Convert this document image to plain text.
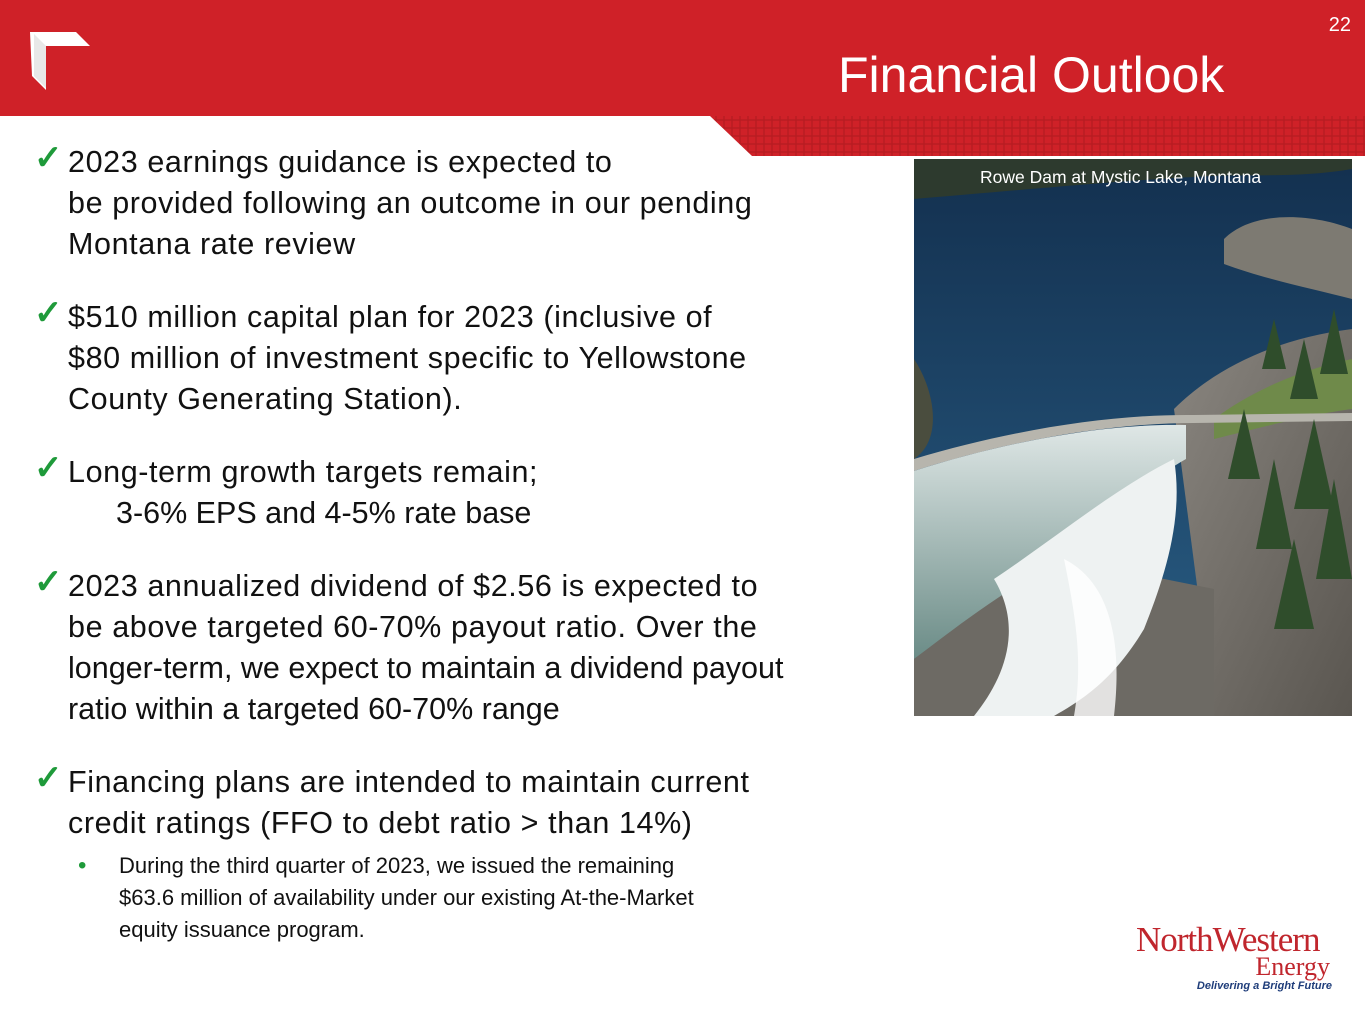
22
Financial Outlook
✓ 2023 earnings guidance is expected to
be provided following an outcome in our pending
Montana rate review
✓ $510 million capital plan for 2023 (inclusive of
$80 million of investment specific to Yellowstone
County Generating Station).
✓ Long-term growth targets remain;
3-6% EPS and 4-5% rate base
✓ 2023 annualized dividend of $2.56 is expected to
be above targeted 60-70% payout ratio. Over the
longer-term, we expect to maintain a dividend payout
ratio within a targeted 60-70% range
✓ Financing plans are intended to maintain current
credit ratings (FFO to debt ratio > than 14%)
• During the third quarter of 2023, we issued the remaining
$63.6 million of availability under our existing At-the-Market
equity issuance program.
Rowe Dam at Mystic Lake, Montana
NorthWestern
Energy
Delivering a Bright Future
